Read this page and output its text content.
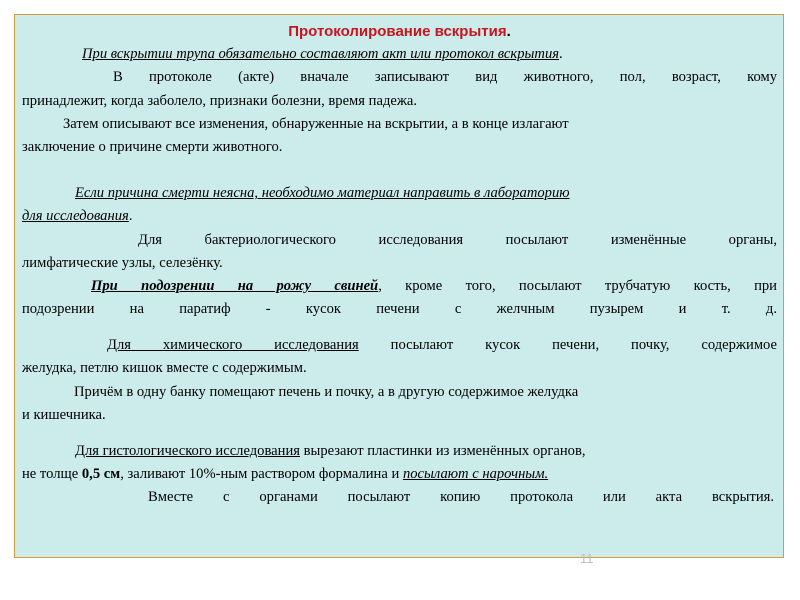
Протоколирование вскрытия.
При вскрытии трупа обязательно составляют акт или протокол вскрытия.
В протоколе (акте) вначале записывают вид животного, пол, возраст, кому
принадлежит, когда заболело, признаки болезни, время падежа.
Затем описывают все изменения, обнаруженные на вскрытии, а в конце излагают
заключение о причине смерти животного.
Если причина смерти неясна, необходимо материал направить в лабораторию
для исследования.
Для бактериологического исследования посылают изменённые органы,
лимфатические узлы, селезёнку.
При подозрении на рожу свиней, кроме того, посылают трубчатую кость, при
подозрении на паратиф - кусок печени с желчным пузырем и т. д.
Для химического исследования посылают кусок печени, почку, содержимое
желудка, петлю кишок вместе с содержимым.
Причём в одну банку помещают печень и почку, а в другую содержимое желудка
и кишечника.
Для гистологического исследования вырезают пластинки из изменённых органов,
не толще 0,5 см, заливают 10%-ным раствором формалина и посылают с нарочным.
Вместе с органами посылают копию протокола или акта вскрытия.
11
